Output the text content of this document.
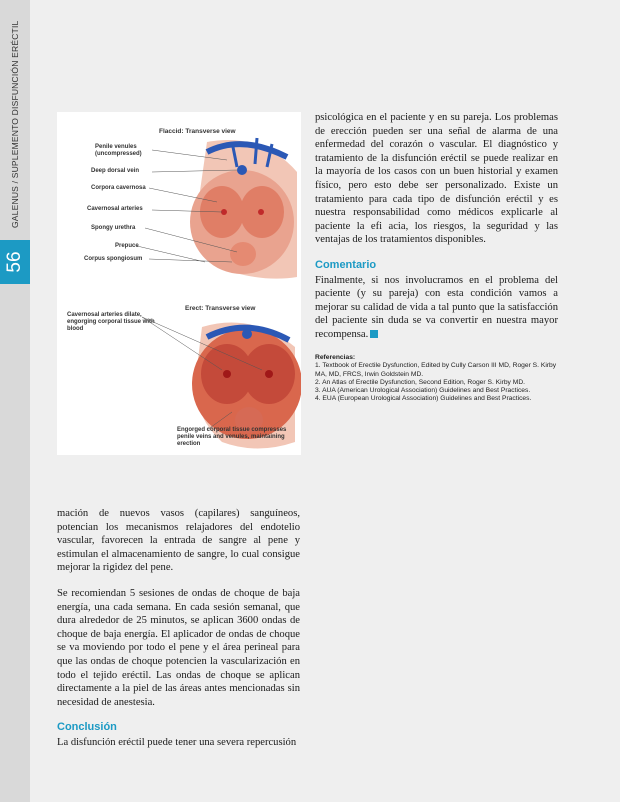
GALENUS / SUPLEMENTO DISFUNCIÓN ERÉCTIL
56
Flaccid: Transverse view
Penile venules (uncompressed)
Deep dorsal vein
Corpora cavernosa
Cavernosal arteries
Spongy urethra
Prepuce
Corpus spongiosum
Erect: Transverse view
Cavernosal arteries dilate, engorging corporal tissue with blood
Engorged corporal tissue compresses penile veins and venules, maintaining erection

mación de nuevos vasos (capilares) sanguíneos, potencian los mecanismos relajadores del endotelio vascular, favorecen la entrada de sangre al pene y estimulan el almacenamiento de sangre, lo cual consigue mejorar la rigidez del pene.

Se recomiendan 5 sesiones de ondas de choque de baja energía, una cada semana. En cada sesión semanal, que dura alrededor de 25 minutos, se aplican 3600 ondas de choque de baja energía. El aplicador de ondas de choque se va moviendo por todo el pene y el área perineal para que las ondas de choque potencien la vascularización en todo el tejido eréctil. Las ondas de choque se aplican directamente a la piel de las áreas antes mencionadas sin necesidad de anestesia.

Conclusión

La disfunción eréctil puede tener una severa repercusión

psicológica en el paciente y en su pareja. Los problemas de erección pueden ser una señal de alarma de una enfermedad del corazón o vascular. El diagnóstico y tratamiento de la disfunción eréctil se puede realizar en la mayoría de los casos con un buen historial y examen físico, pero esto debe ser personalizado. Existe un tratamiento para cada tipo de disfunción eréctil y es nuestra responsabilidad como médicos explicarle al paciente la efi acia, los riesgos, la seguridad y las ventajas de los tratamientos disponibles.

Comentario

Finalmente, si nos involucramos en el problema del paciente (y su pareja) con esta condición vamos a mejorar su calidad de vida a tal punto que la satisfacción del paciente sin duda se va convertir en nuestra mayor recompensa.

Referencias:
1. Textbook of Erectile Dysfunction, Edited by Cully Carson III MD, Roger S. Kirby MA, MD, FRCS, Irwin Goldstein MD.
2. An Atlas of Erectile Dysfunction, Second Edition, Roger S. Kirby MD.
3. AUA (American Urological Association) Guidelines and Best Practices.
4. EUA (European Urological Association) Guidelines and Best Practices.
